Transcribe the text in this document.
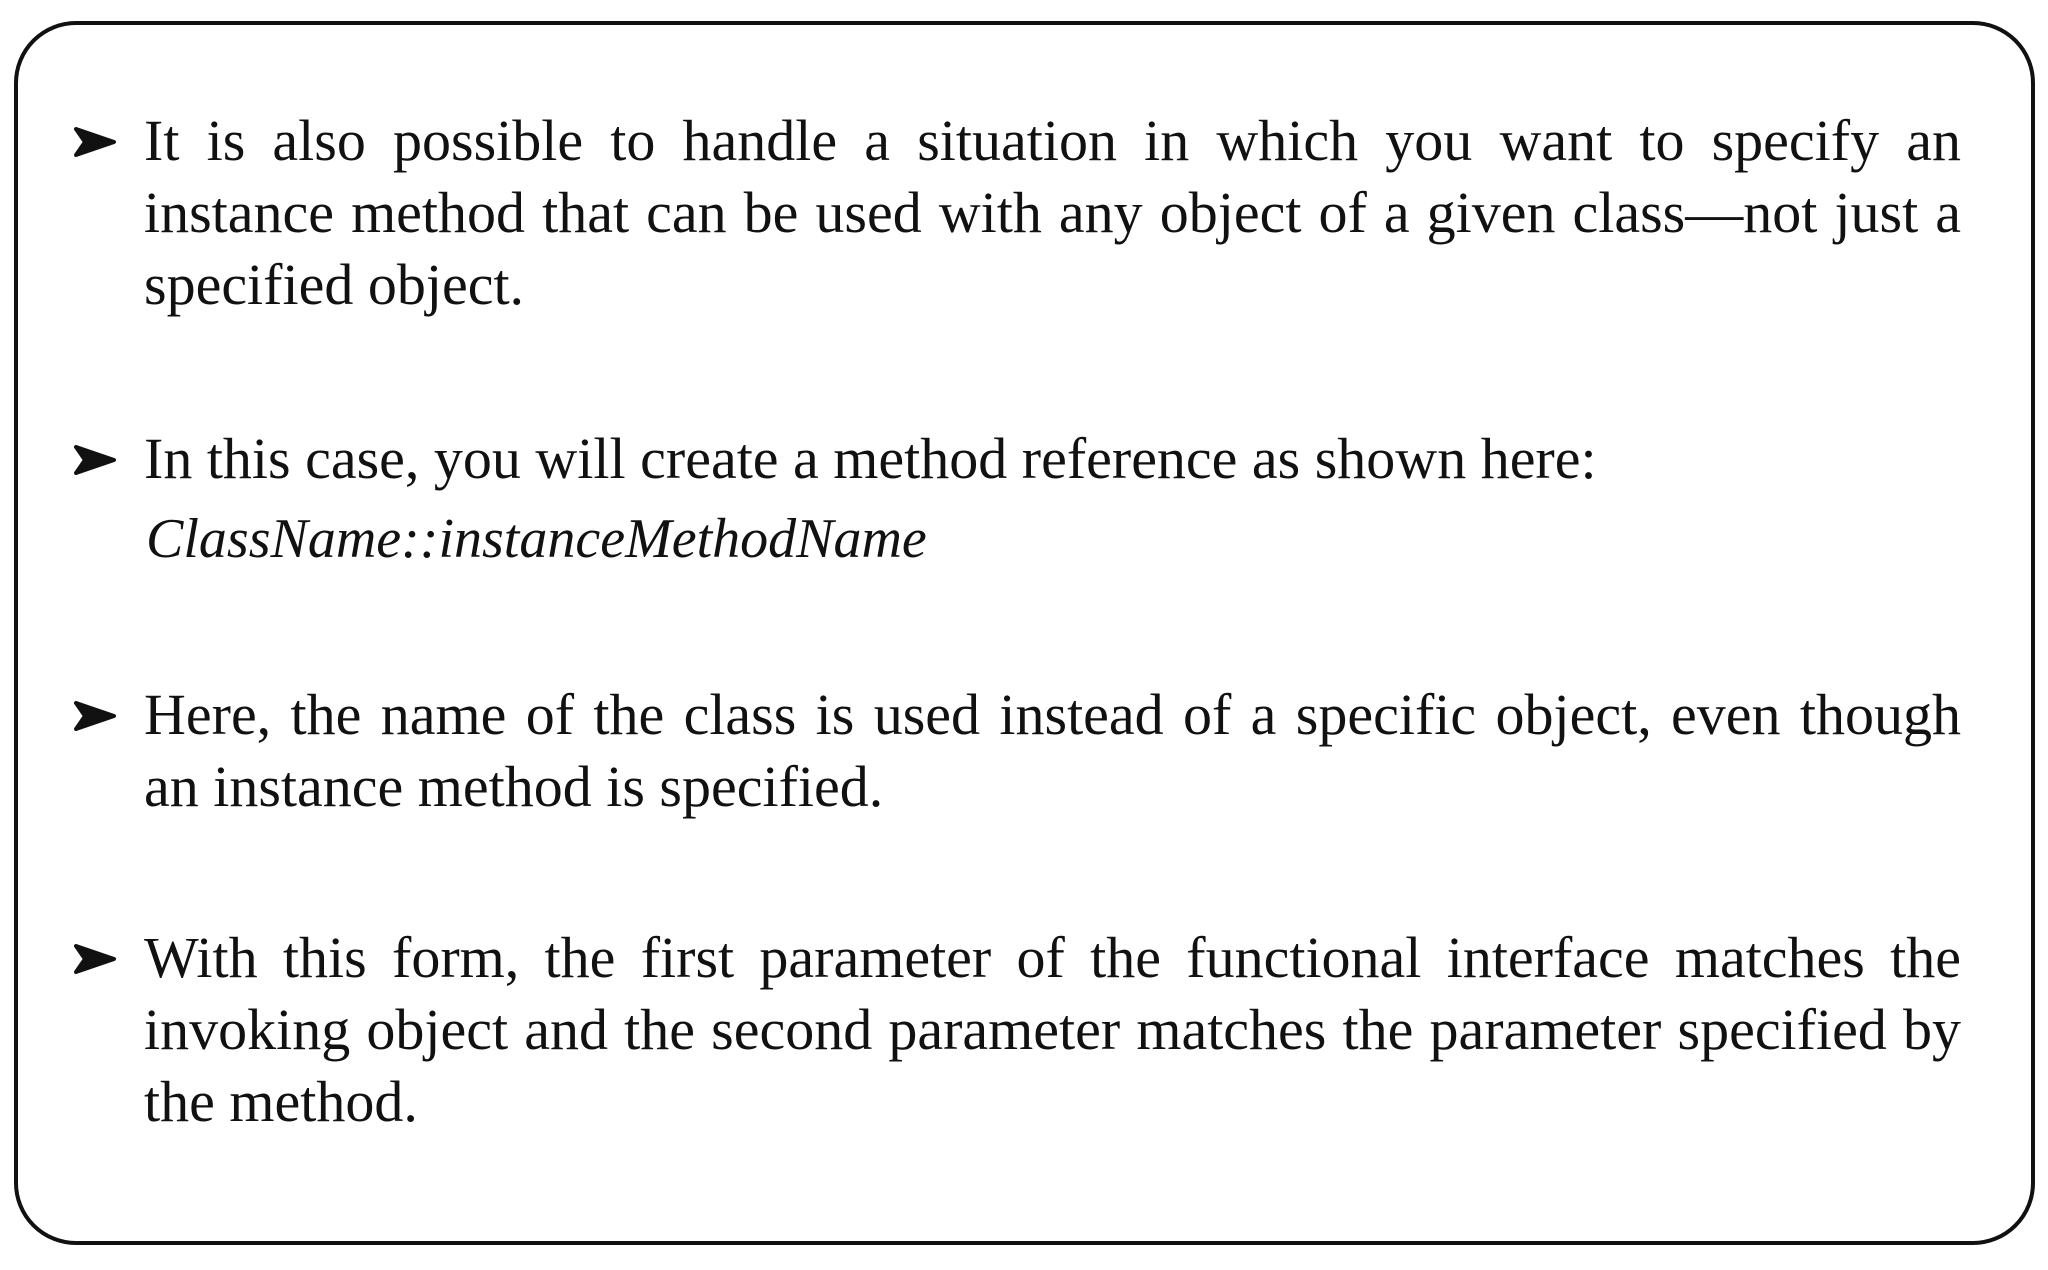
It is also possible to handle a situation in which you want to specify an instance method that can be used with any object of a given class—not just a specified object.
In this case, you will create a method reference as shown here:
ClassName::instanceMethodName
Here, the name of the class is used instead of a specific object, even though an instance method is specified.
With this form, the first parameter of the functional interface matches the invoking object and the second parameter matches the parameter specified by the method.
